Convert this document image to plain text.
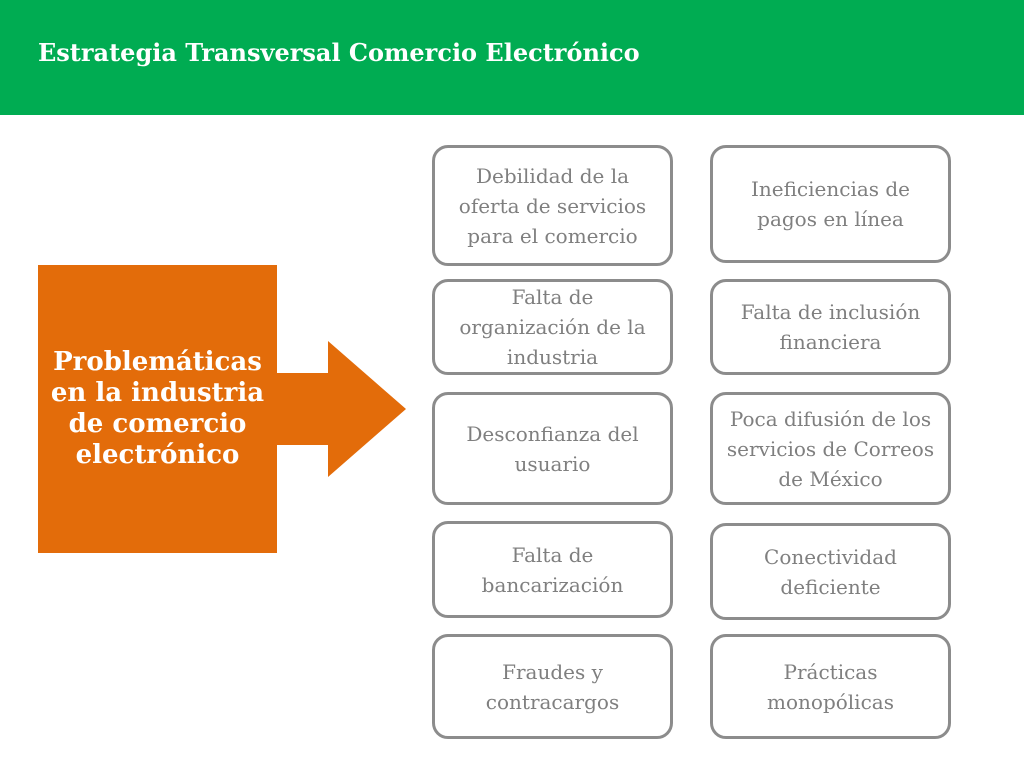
Estrategia Transversal Comercio Electrónico
Problemáticas en la industria de comercio electrónico
Debilidad de la oferta de servicios para el comercio
Falta de organización de la industria
Desconfianza del usuario
Falta de bancarización
Fraudes y contracargos
Ineficiencias de pagos en línea
Falta de inclusión financiera
Poca difusión de los servicios de Correos de México
Conectividad deficiente
Prácticas monopólicas
